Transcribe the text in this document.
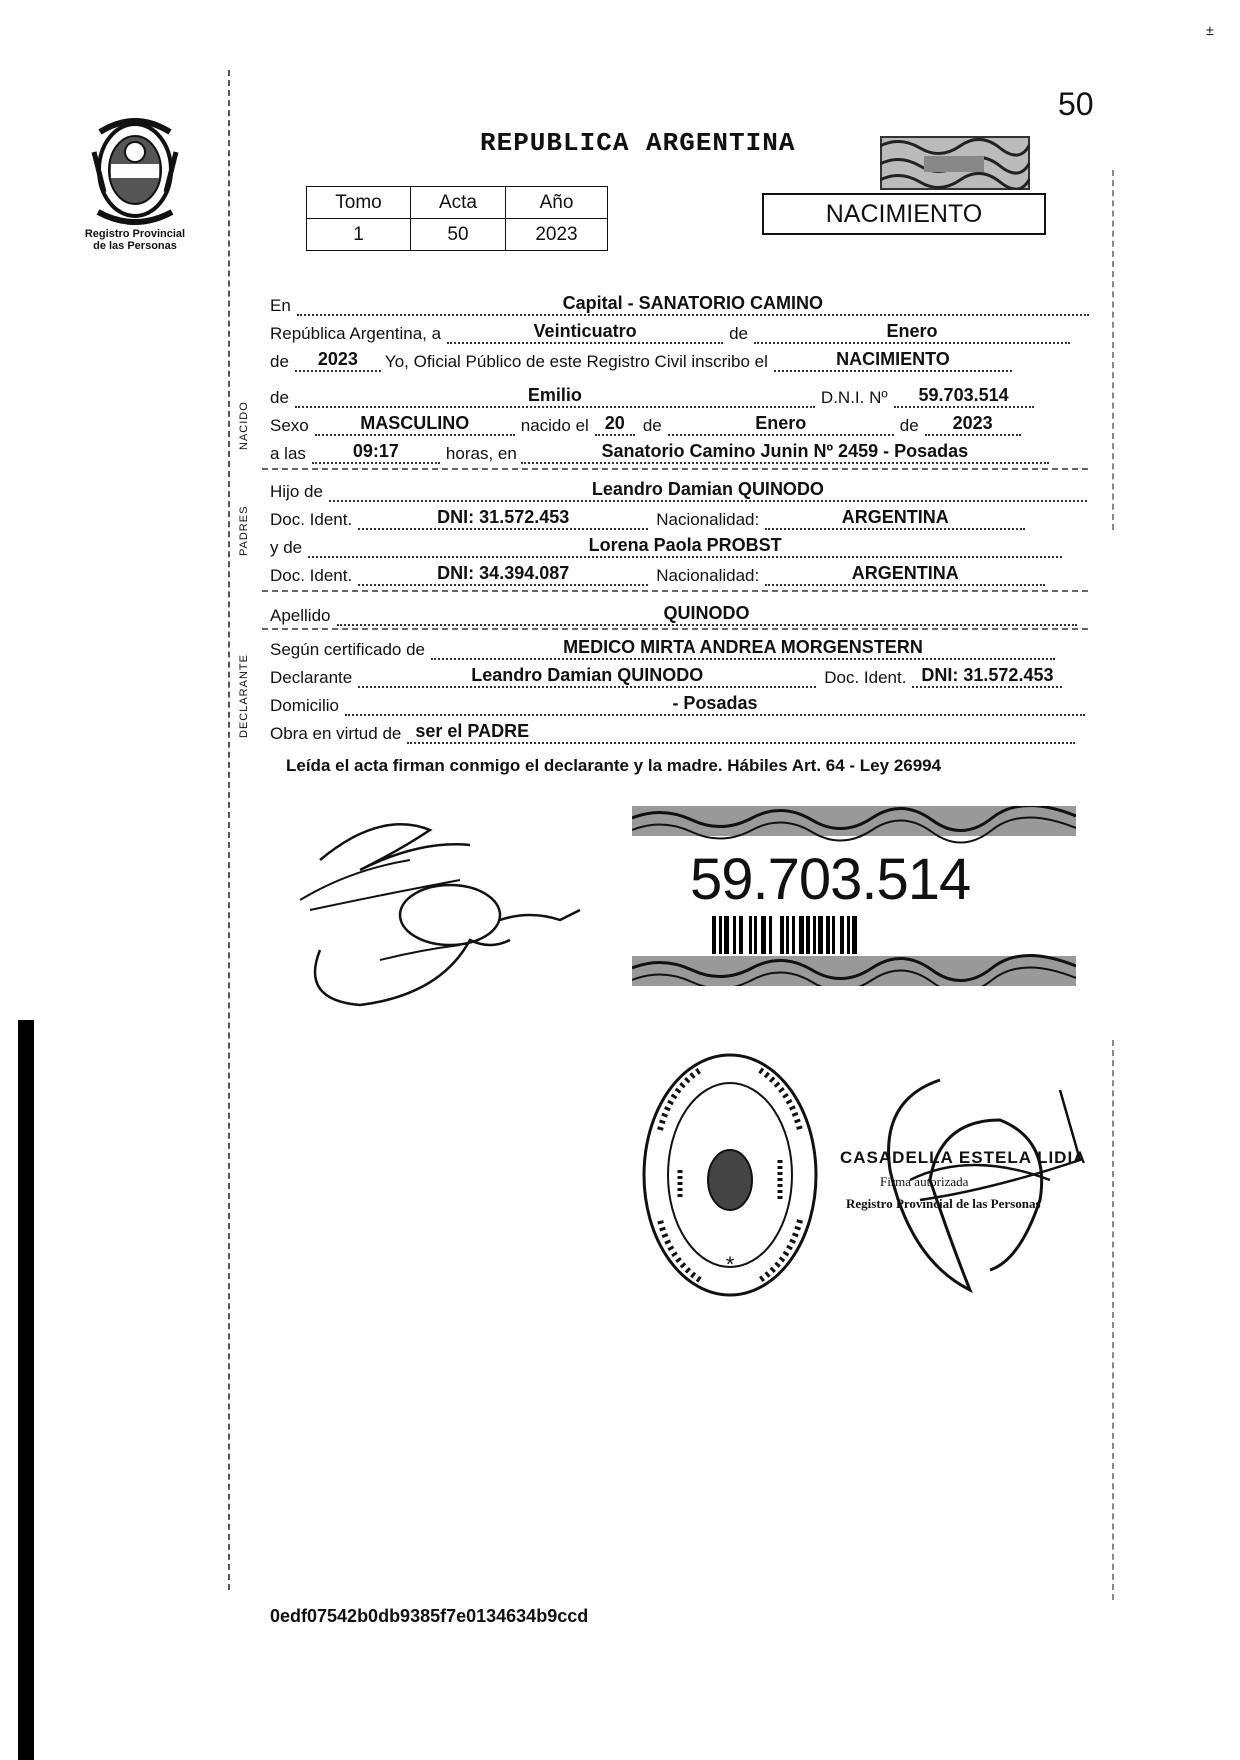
±
50
Registro Provincial
de las Personas
REPUBLICA ARGENTINA
Tomo	Acta	Año
1	50	2023
NACIMIENTO
NACIDO
PADRES
DECLARANTE
En	Capital - SANATORIO CAMINO
República Argentina, a	Veinticuatro	de	Enero
de 2023 Yo, Oficial Público de este Registro Civil inscribo el	NACIMIENTO
de	Emilio	D.N.I. Nº 59.703.514
Sexo	MASCULINO	nacido el 20 de	Enero	de 2023
a las	09:17	horas, en	Sanatorio Camino Junin Nº 2459 - Posadas
Hijo de	Leandro Damian QUINODO
Doc. Ident.	DNI: 31.572.453	Nacionalidad:	ARGENTINA
y de	Lorena Paola PROBST
Doc. Ident.	DNI: 34.394.087	Nacionalidad:	ARGENTINA
Apellido	QUINODO
Según certificado de	MEDICO MIRTA ANDREA MORGENSTERN
Declarante	Leandro Damian QUINODO	Doc. Ident. DNI: 31.572.453
Domicilio	- Posadas
Obra en virtud de ser el PADRE
Leída el acta firman conmigo el declarante y la madre. Hábiles Art. 64 - Ley 26994
59.703.514
*
CASADELLA ESTELA LIDIA
Firma autorizada
Registro Provincial de las Personas
0edf07542b0db9385f7e0134634b9ccd
